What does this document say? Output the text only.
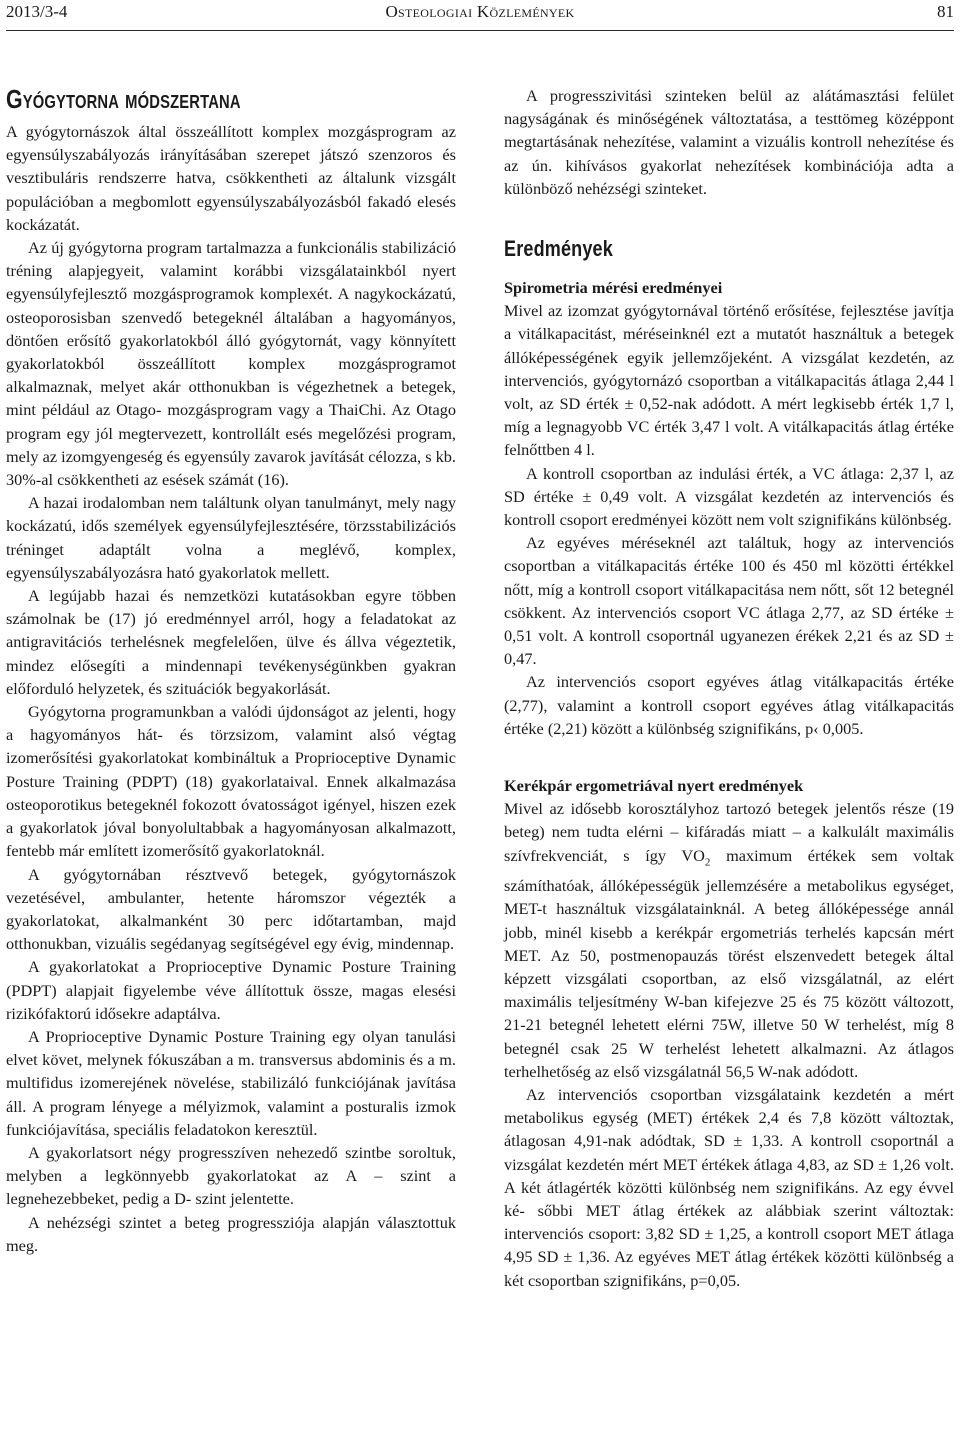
2013/3-4	Osteologiai Közlemények	81
Gyógytorna módszertana

A gyógytornászok által összeállított komplex mozgásprogram az egyensúlyszabályozás irányításában szerepet játszó szenzoros és vesztibuláris rendszerre hatva, csökkentheti az általunk vizsgált populációban a megbomlott egyensúlyszabályozásból fakadó elesés kockázatát.

Az új gyógytorna program tartalmazza a funkcionális stabilizáció tréning alapjegyeit, valamint korábbi vizsgálatainkból nyert egyensúlyfejlesztő mozgásprogramok komplexét. A nagykockázatú, osteoporosisban szenvedő betegeknél általában a hagyományos, döntően erősítő gyakorlatokból álló gyógytornát, vagy könnyített gyakorlatokból összeállított komplex mozgásprogramot alkalmaznak, melyet akár otthonukban is végezhetnek a betegek, mint például az Otago- mozgásprogram vagy a ThaiChi. Az Otago program egy jól megtervezett, kontrollált esés megelőzési program, mely az izomgyengeség és egyensúly zavarok javítását célozza, s kb. 30%-al csökkentheti az esések számát (16).

A hazai irodalomban nem találtunk olyan tanulmányt, mely nagy kockázatú, idős személyek egyensúlyfejlesztésére, törzsstabilizációs tréninget adaptált volna a meglévő, komplex, egyensúlyszabályozásra ható gyakorlatok mellett.

A legújabb hazai és nemzetközi kutatásokban egyre többen számolnak be (17) jó eredménnyel arról, hogy a feladatokat az antigravitációs terhelésnek megfelelően, ülve és állva végeztetik, mindez elősegíti a mindennapi tevékenységünkben gyakran előforduló helyzetek, és szituációk begyakorlását.

Gyógytorna programunkban a valódi újdonságot az jelenti, hogy a hagyományos hát- és törzsizom, valamint alsó végtag izomerősítési gyakorlatokat kombináltuk a Proprioceptive Dynamic Posture Training (PDPT) (18) gyakorlataival. Ennek alkalmazása osteoporotikus betegeknél fokozott óvatosságot igényel, hiszen ezek a gyakorlatok jóval bonyolultabbak a hagyományosan alkalmazott, fentebb már említett izomerősítő gyakorlatoknál.

A gyógytornában résztvevő betegek, gyógytornászok vezetésével, ambulanter, hetente háromszor végezték a gyakorlatokat, alkalmanként 30 perc időtartamban, majd otthonukban, vizuális segédanyag segítségével egy évig, mindennap.

A gyakorlatokat a Proprioceptive Dynamic Posture Training (PDPT) alapjait figyelembe véve állítottuk össze, magas elesési rizikófaktorú idősekre adaptálva.

A Proprioceptive Dynamic Posture Training egy olyan tanulási elvet követ, melynek fókuszában a m. transversus abdominis és a m. multifidus izomerejének növelése, stabilizáló funkciójának javítása áll. A program lényege a mélyizmok, valamint a posturalis izmok funkciójavítása, speciális feladatokon keresztül.

A gyakorlatsort négy progresszíven nehezedő szintbe soroltuk, melyben a legkönnyebb gyakorlatokat az A – szint a legnehezebbeket, pedig a D- szint jelentette.

A nehézségi szintet a beteg progressziója alapján választottuk meg.

A progresszivitási szinteken belül az alátámasztási felület nagyságának és minőségének változtatása, a testtömeg középpont megtartásának nehezítése, valamint a vizuális kontroll nehezítése és az ún. kihívásos gyakorlat nehezítések kombinációja adta a különböző nehézségi szinteket.

Eredmények
Spirometria mérési eredményei

Mivel az izomzat gyógytornával történő erősítése, fejlesztése javítja a vitálkapacitást, méréseinknél ezt a mutatót használtuk a betegek állóképességének egyik jellemzőjeként. A vizsgálat kezdetén, az intervenciós, gyógytornázó csoportban a vitálkapacitás átlaga 2,44 l volt, az SD érték ± 0,52-nak adódott. A mért legkisebb érték 1,7 l, míg a legnagyobb VC érték 3,47 l volt. A vitálkapacitás átlag értéke felnőttben 4 l.

A kontroll csoportban az indulási érték, a VC átlaga: 2,37 l, az SD értéke ± 0,49 volt. A vizsgálat kezdetén az intervenciós és kontroll csoport eredményei között nem volt szignifikáns különbség.

Az egyéves méréseknél azt találtuk, hogy az intervenciós csoportban a vitálkapacitás értéke 100 és 450 ml közötti értékkel nőtt, míg a kontroll csoport vitálkapacitása nem nőtt, sőt 12 betegnél csökkent. Az intervenciós csoport VC átlaga 2,77, az SD értéke ± 0,51 volt. A kontroll csoportnál ugyanezen érékek 2,21 és az SD ± 0,47.

Az intervenciós csoport egyéves átlag vitálkapacitás értéke (2,77), valamint a kontroll csoport egyéves átlag vitálkapacitás értéke (2,21) között a különbség szignifikáns, p‹ 0,005.

Kerékpár ergometriával nyert eredmények

Mivel az idősebb korosztályhoz tartozó betegek jelentős része (19 beteg) nem tudta elérni – kifáradás miatt – a kalkulált maximális szívfrekvenciát, s így $VO_2$ maximum értékek sem voltak számíthatóak, állóképességük jellemzésére a metabolikus egységet, MET-t használtuk vizsgálatainknál. A beteg állóképessége annál jobb, minél kisebb a kerékpár ergometriás terhelés kapcsán mért MET. Az 50, postmenopauzás törést elszenvedett betegek által képzett vizsgálati csoportban, az első vizsgálatnál, az elért maximális teljesítmény W-ban kifejezve 25 és 75 között változott, 21-21 betegnél lehetett elérni 75W, illetve 50 W terhelést, míg 8 betegnél csak 25 W terhelést lehetett alkalmazni. Az átlagos terhelhetőség az első vizsgálatnál 56,5 W-nak adódott.

Az intervenciós csoportban vizsgálataink kezdetén a mért metabolikus egység (MET) értékek 2,4 és 7,8 között változtak, átlagosan 4,91-nak adódtak, SD ± 1,33. A kontroll csoportnál a vizsgálat kezdetén mért MET értékek átlaga 4,83, az SD ± 1,26 volt. A két átlagérték közötti különbség nem szignifikáns. Az egy évvel ké- sőbbi MET átlag értékek az alábbiak szerint változtak: intervenciós csoport: 3,82 SD ± 1,25, a kontroll csoport MET átlaga 4,95 SD ± 1,36. Az egyéves MET átlag értékek közötti különbség a két csoportban szignifikáns, p=0,05.
